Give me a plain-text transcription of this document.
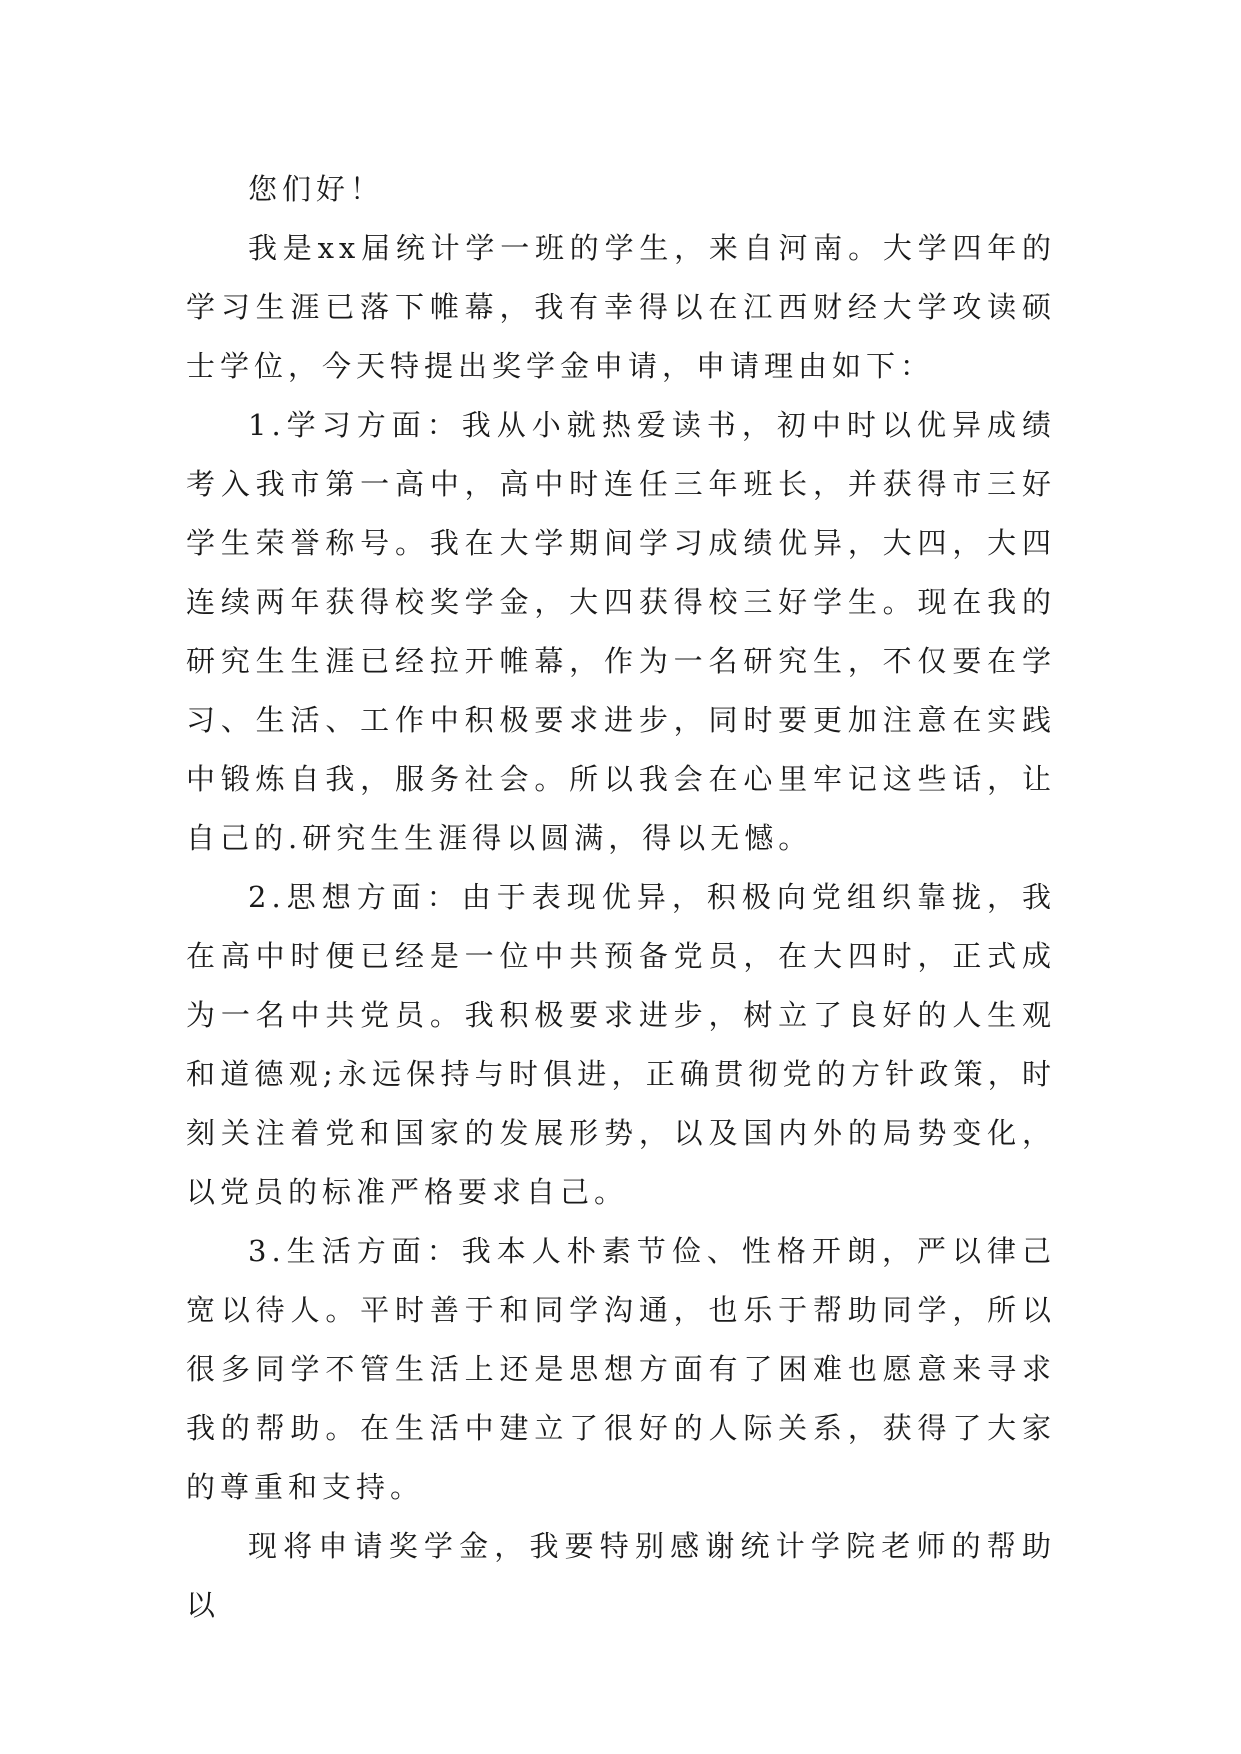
您们好！

我是xx届统计学一班的学生，来自河南。大学四年的学习生涯已落下帷幕，我有幸得以在江西财经大学攻读硕士学位，今天特提出奖学金申请，申请理由如下：

1.学习方面：我从小就热爱读书，初中时以优异成绩考入我市第一高中，高中时连任三年班长，并获得市三好学生荣誉称号。我在大学期间学习成绩优异，大四，大四连续两年获得校奖学金，大四获得校三好学生。现在我的研究生生涯已经拉开帷幕，作为一名研究生，不仅要在学习、生活、工作中积极要求进步，同时要更加注意在实践中锻炼自我，服务社会。所以我会在心里牢记这些话，让自己的.研究生生涯得以圆满，得以无憾。

2.思想方面：由于表现优异，积极向党组织靠拢，我在高中时便已经是一位中共预备党员，在大四时，正式成为一名中共党员。我积极要求进步，树立了良好的人生观和道德观;永远保持与时俱进，正确贯彻党的方针政策，时刻关注着党和国家的发展形势，以及国内外的局势变化，以党员的标准严格要求自己。

3.生活方面：我本人朴素节俭、性格开朗，严以律己宽以待人。平时善于和同学沟通，也乐于帮助同学，所以很多同学不管生活上还是思想方面有了困难也愿意来寻求我的帮助。在生活中建立了很好的人际关系，获得了大家的尊重和支持。

现将申请奖学金，我要特别感谢统计学院老师的帮助以
